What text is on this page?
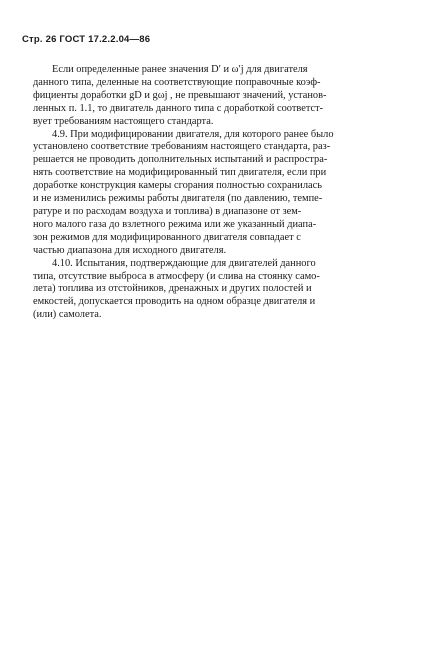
Стр. 26 ГОСТ 17.2.2.04—86
Если определенные ранее значения D′ и ω′j для двигателя
данного типа, деленные на соответствующие поправочные коэф-
фициенты доработки gD и gωj , не превышают значений, установ-
ленных п. 1.1, то двигатель данного типа с доработкой соответст-
вует требованиям настоящего стандарта.
4.9. При модифицировании двигателя, для которого ранее было
установлено соответствие требованиям настоящего стандарта, раз-
решается не проводить дополнительных испытаний и распростра-
нять соответствие на модифицированный тип двигателя, если при
доработке конструкция камеры сгорания полностью сохранилась
и не изменились режимы работы двигателя (по давлению, темпе-
ратуре и по расходам воздуха и топлива) в диапазоне от зем-
ного малого газа до взлетного режима или же указанный диапа-
зон режимов для модифицированного двигателя совпадает с
частью диапазона для исходного двигателя.
4.10. Испытания, подтверждающие для двигателей данного
типа, отсутствие выброса в атмосферу (и слива на стоянку само-
лета) топлива из отстойников, дренажных и других полостей и
емкостей, допускается проводить на одном образце двигателя и
(или) самолета.
